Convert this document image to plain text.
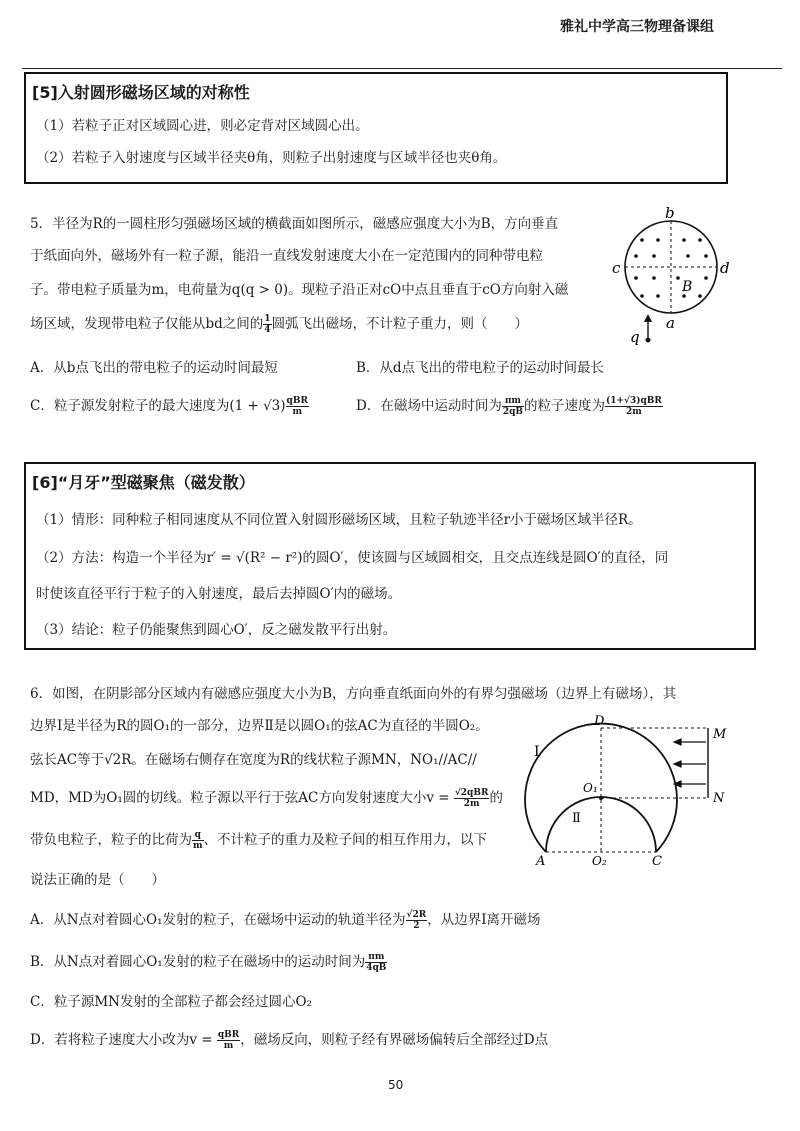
雅礼中学高三物理备课组
[5]入射圆形磁场区域的对称性
（1）若粒子正对区域圆心进，则必定背对区域圆心出。
（2）若粒子入射速度与区域半径夹θ角，则粒子出射速度与区域半径也夹θ角。
5．半径为R的一圆柱形匀强磁场区域的横截面如图所示，磁感应强度大小为B，方向垂直
于纸面向外，磁场外有一粒子源，能沿一直线发射速度大小在一定范围内的同种带电粒
子。带电粒子质量为m，电荷量为q(q > 0)。现粒子沿正对cO中点且垂直于cO方向射入磁
场区域，发现带电粒子仅能从bd之间的 $\frac{1}{4}$ 圆弧飞出磁场，不计粒子重力，则（　　）
A．从b点飞出的带电粒子的运动时间最短	B．从d点飞出的带电粒子的运动时间最长
C．粒子源发射粒子的最大速度为$(1 + √3) \frac{\text{qBR}}{m}$	D．在磁场中运动时间为 $\frac{\pi m}{2qB}$ 的粒子速度为 $\frac{\text{(1+√3)qBR}}{2m}$
b
c	d
B
a
q
[6]“月牙”型磁聚焦（磁发散）
（1）情形：同种粒子相同速度从不同位置入射圆形磁场区域，且粒子轨迹半径r小于磁场区域半径R。
（2）方法：构造一个半径为r′ = √(R² − r²)的圆O′，使该圆与区域圆相交，且交点连线是圆O′的直径，同
时使该直径平行于粒子的入射速度，最后去掉圆O′内的磁场。
（3）结论：粒子仍能聚焦到圆心O′，反之磁发散平行出射。
6．如图，在阴影部分区域内有磁感应强度大小为B，方向垂直纸面向外的有界匀强磁场（边界上有磁场），其
边界Ⅰ是半径为R的圆O₁的一部分，边界Ⅱ是以圆O₁的弦AC为直径的半圆O₂。
弦长AC等于√2R。在磁场右侧存在宽度为R的线状粒子源MN，NO₁//AC//
MD，MD为O₁圆的切线。粒子源以平行于弦AC方向发射速度大小$v = \frac{\text{√2qBR}}{2m}$ 的
带负电粒子，粒子的比荷为 $\frac{q}{m}$ 、不计粒子的重力及粒子间的相互作用力，以下
说法正确的是（　　）
A．从N点对着圆心O₁发射的粒子，在磁场中运动的轨道半径为 $\frac{√2R}{2}$ ，从边界Ⅰ离开磁场
B．从N点对着圆心O₁发射的粒子在磁场中的运动时间为 $\frac{\pi m}{4qB}$
C．粒子源MN发射的全部粒子都会经过圆心O₂
D．若将粒子速度大小改为$v = \frac{\text{qBR}}{m}$ ，磁场反向，则粒子经有界磁场偏转后全部经过D点
D
M
N
I
Ⅱ
O₁
O₂
A	C
50
